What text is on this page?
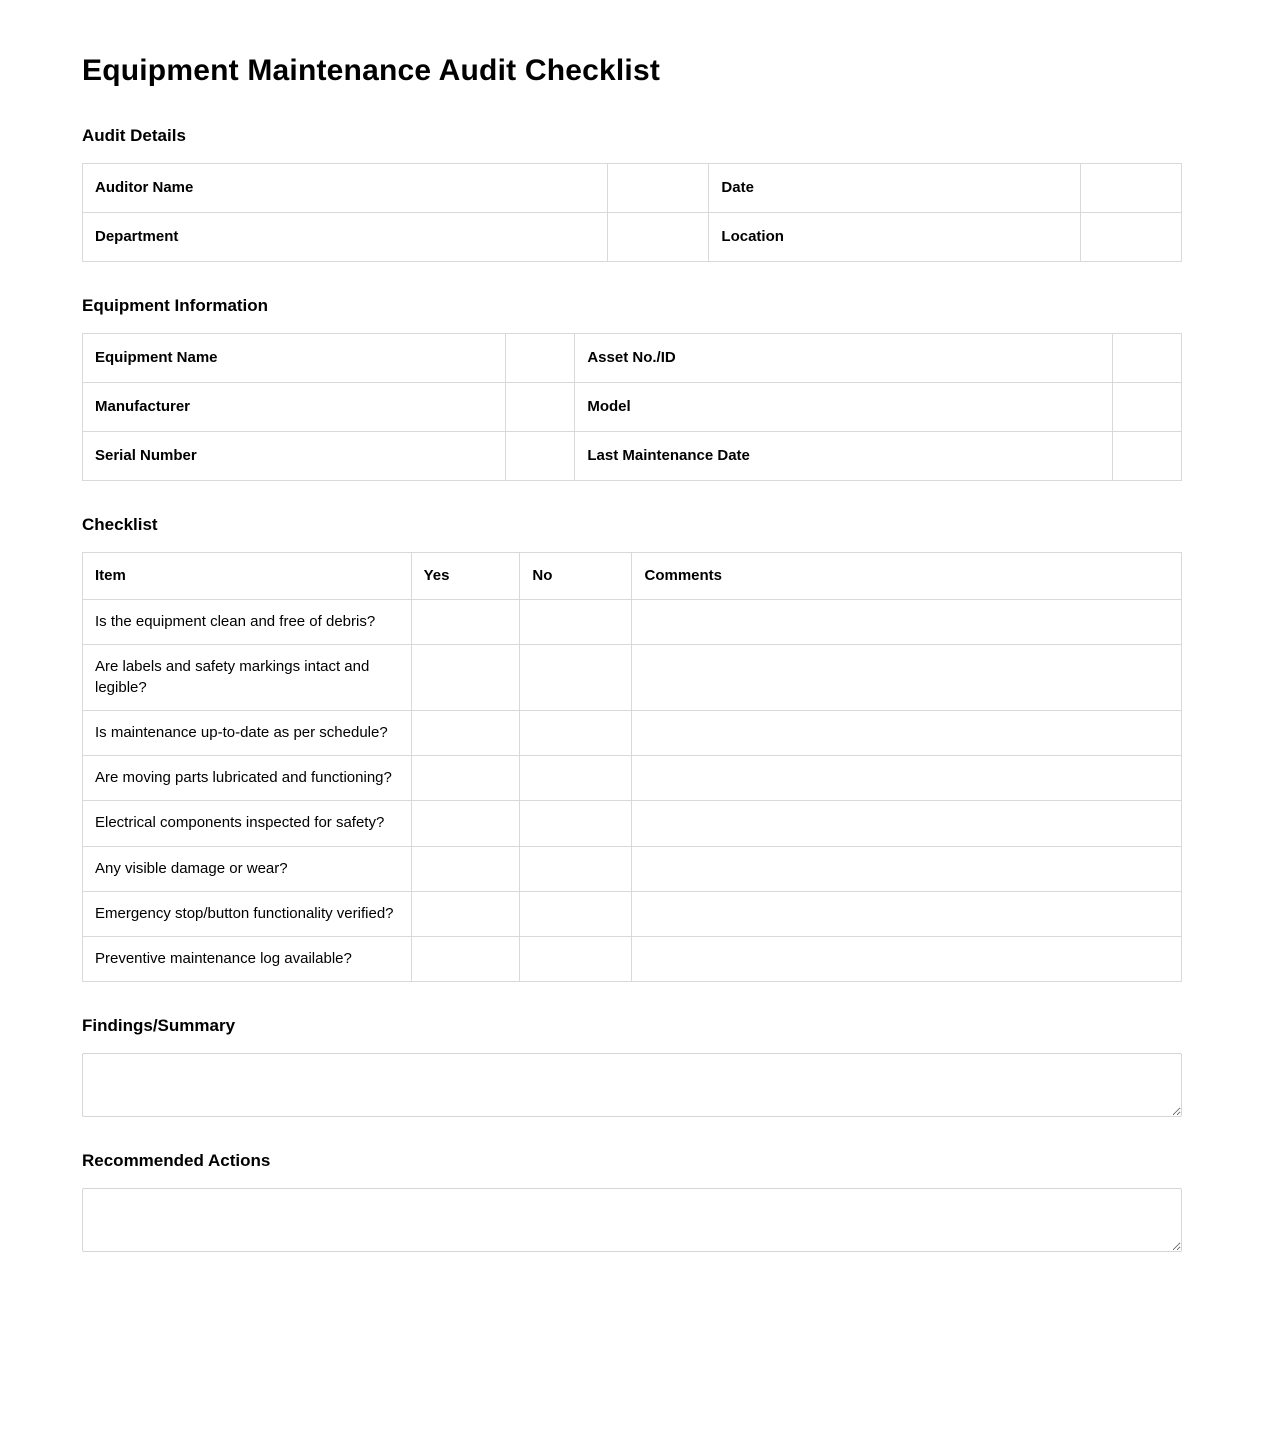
Equipment Maintenance Audit Checklist
Audit Details
Auditor Name		Date	
Department		Location	
Equipment Information
Equipment Name		Asset No./ID	
Manufacturer		Model	
Serial Number		Last Maintenance Date	
Checklist
Item	Yes	No	Comments
Is the equipment clean and free of debris?			
Are labels and safety markings intact and legible?			
Is maintenance up-to-date as per schedule?			
Are moving parts lubricated and functioning?			
Electrical components inspected for safety?			
Any visible damage or wear?			
Emergency stop/button functionality verified?			
Preventive maintenance log available?			
Findings/Summary
Recommended Actions
